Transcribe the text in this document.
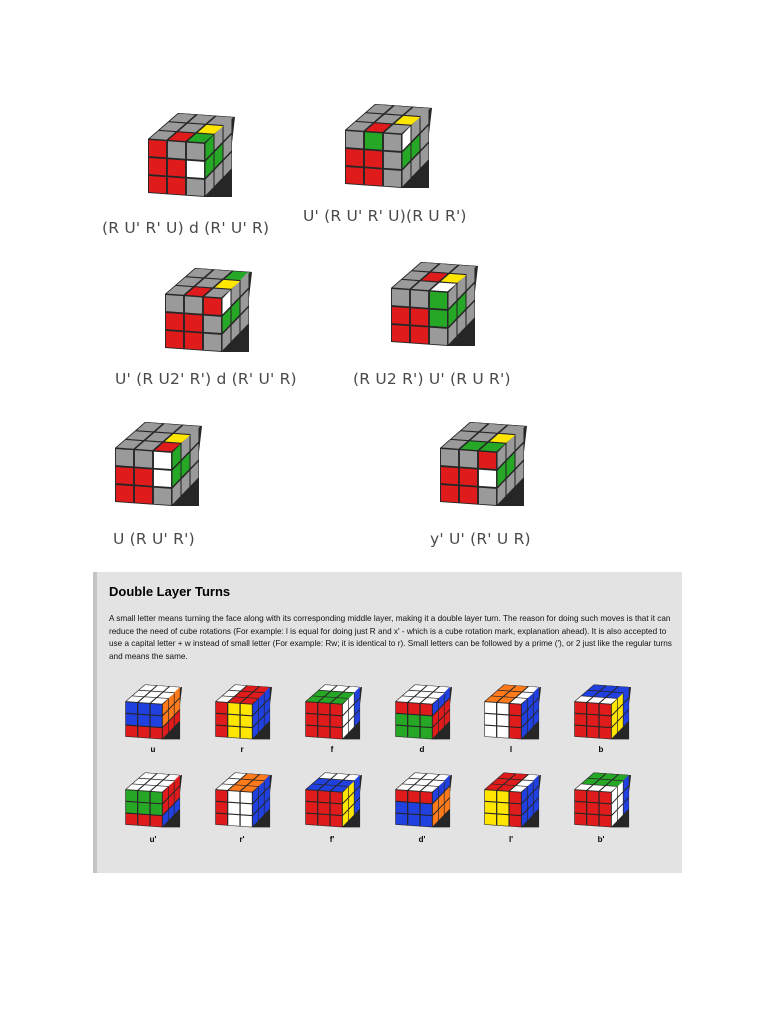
(R U' R' U) d (R' U' R)
U' (R U' R' U)(R U R')
U' (R U2' R') d (R' U' R)	(R U2 R') U' (R U R')
U (R U' R')	y' U' (R' U R)
Double Layer Turns
A small letter means turning the face along with its corresponding middle layer, making it a double layer turn. The reason for doing such moves is that it can reduce the need of cube rotations (For example: l is equal for doing just R and x' - which is a cube rotation mark, explanation ahead). It is also accepted to use a capital letter + w instead of small letter (For example: Rw; it is identical to r). Small letters can be followed by a prime ('), or 2 just like the regular turns and means the same.
u	r	f	d	l	b
u'	r'	f'	d'	l'	b'
